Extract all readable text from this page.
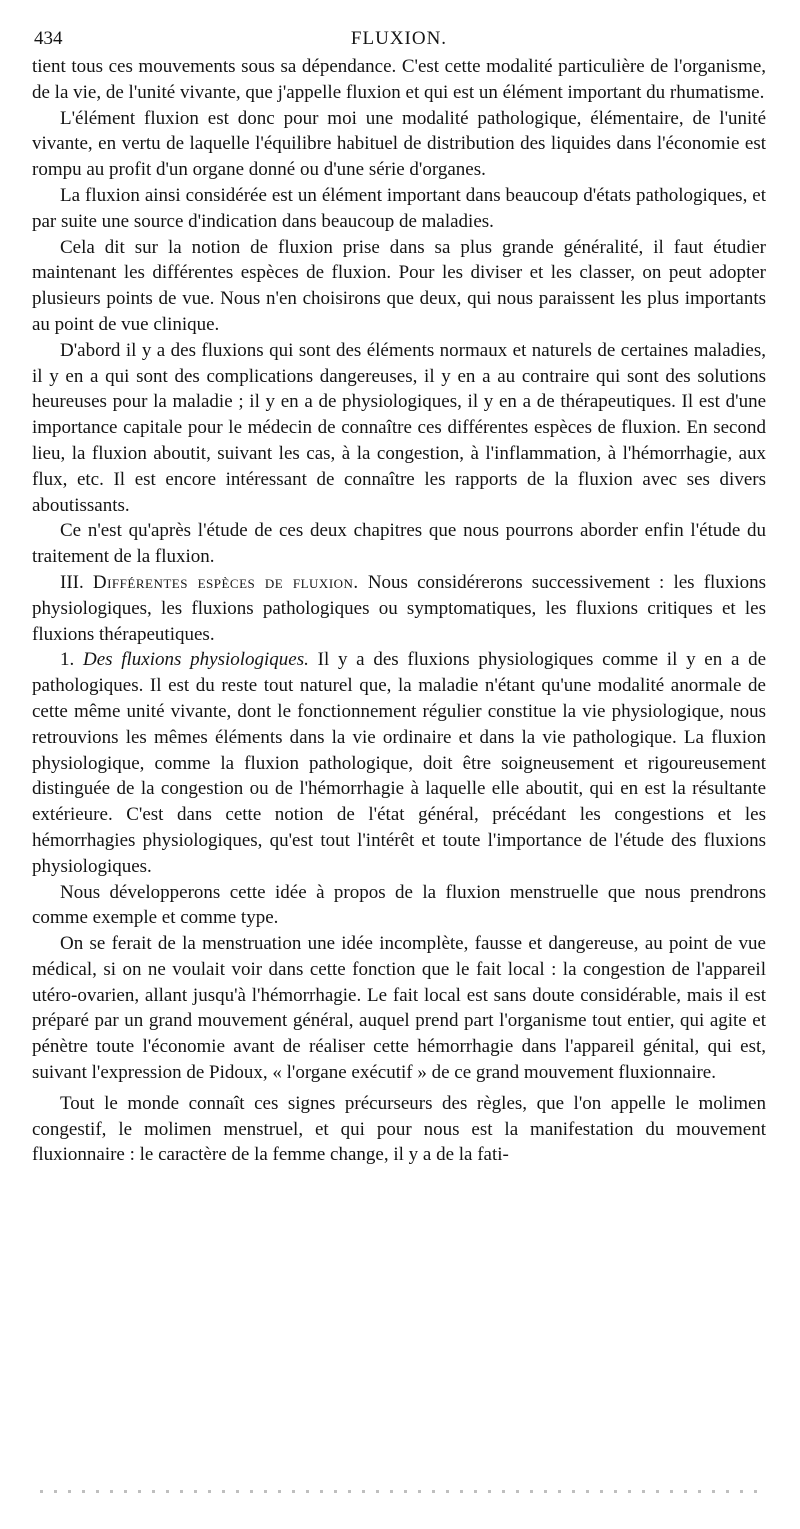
434	FLUXION.

tient tous ces mouvements sous sa dépendance. C'est cette modalité particulière de l'organisme, de la vie, de l'unité vivante, que j'appelle fluxion et qui est un élément important du rhumatisme.

L'élément fluxion est donc pour moi une modalité pathologique, élémentaire, de l'unité vivante, en vertu de laquelle l'équilibre habituel de distribution des liquides dans l'économie est rompu au profit d'un organe donné ou d'une série d'organes.

La fluxion ainsi considérée est un élément important dans beaucoup d'états pathologiques, et par suite une source d'indication dans beaucoup de maladies.

Cela dit sur la notion de fluxion prise dans sa plus grande généralité, il faut étudier maintenant les différentes espèces de fluxion. Pour les diviser et les classer, on peut adopter plusieurs points de vue. Nous n'en choisirons que deux, qui nous paraissent les plus importants au point de vue clinique.

D'abord il y a des fluxions qui sont des éléments normaux et naturels de certaines maladies, il y en a qui sont des complications dangereuses, il y en a au contraire qui sont des solutions heureuses pour la maladie ; il y en a de physiologiques, il y en a de thérapeutiques. Il est d'une importance capitale pour le médecin de connaître ces différentes espèces de fluxion. En second lieu, la fluxion aboutit, suivant les cas, à la congestion, à l'inflammation, à l'hémorrhagie, aux flux, etc. Il est encore intéressant de connaître les rapports de la fluxion avec ses divers aboutissants.

Ce n'est qu'après l'étude de ces deux chapitres que nous pourrons aborder enfin l'étude du traitement de la fluxion.

III. Différentes espèces de fluxion. Nous considérerons successivement : les fluxions physiologiques, les fluxions pathologiques ou symptomatiques, les fluxions critiques et les fluxions thérapeutiques.

1. Des fluxions physiologiques. Il y a des fluxions physiologiques comme il y en a de pathologiques. Il est du reste tout naturel que, la maladie n'étant qu'une modalité anormale de cette même unité vivante, dont le fonctionnement régulier constitue la vie physiologique, nous retrouvions les mêmes éléments dans la vie ordinaire et dans la vie pathologique. La fluxion physiologique, comme la fluxion pathologique, doit être soigneusement et rigoureusement distinguée de la congestion ou de l'hémorrhagie à laquelle elle aboutit, qui en est la résultante extérieure. C'est dans cette notion de l'état général, précédant les congestions et les hémorrhagies physiologiques, qu'est tout l'intérêt et toute l'importance de l'étude des fluxions physiologiques.

Nous développerons cette idée à propos de la fluxion menstruelle que nous prendrons comme exemple et comme type.

On se ferait de la menstruation une idée incomplète, fausse et dangereuse, au point de vue médical, si on ne voulait voir dans cette fonction que le fait local : la congestion de l'appareil utéro-ovarien, allant jusqu'à l'hémorrhagie. Le fait local est sans doute considérable, mais il est préparé par un grand mouvement général, auquel prend part l'organisme tout entier, qui agite et pénètre toute l'économie avant de réaliser cette hémorrhagie dans l'appareil génital, qui est, suivant l'expression de Pidoux, « l'organe exécutif » de ce grand mouvement fluxionnaire.

Tout le monde connaît ces signes précurseurs des règles, que l'on appelle le molimen congestif, le molimen menstruel, et qui pour nous est la manifestation du mouvement fluxionnaire : le caractère de la femme change, il y a de la fati-
